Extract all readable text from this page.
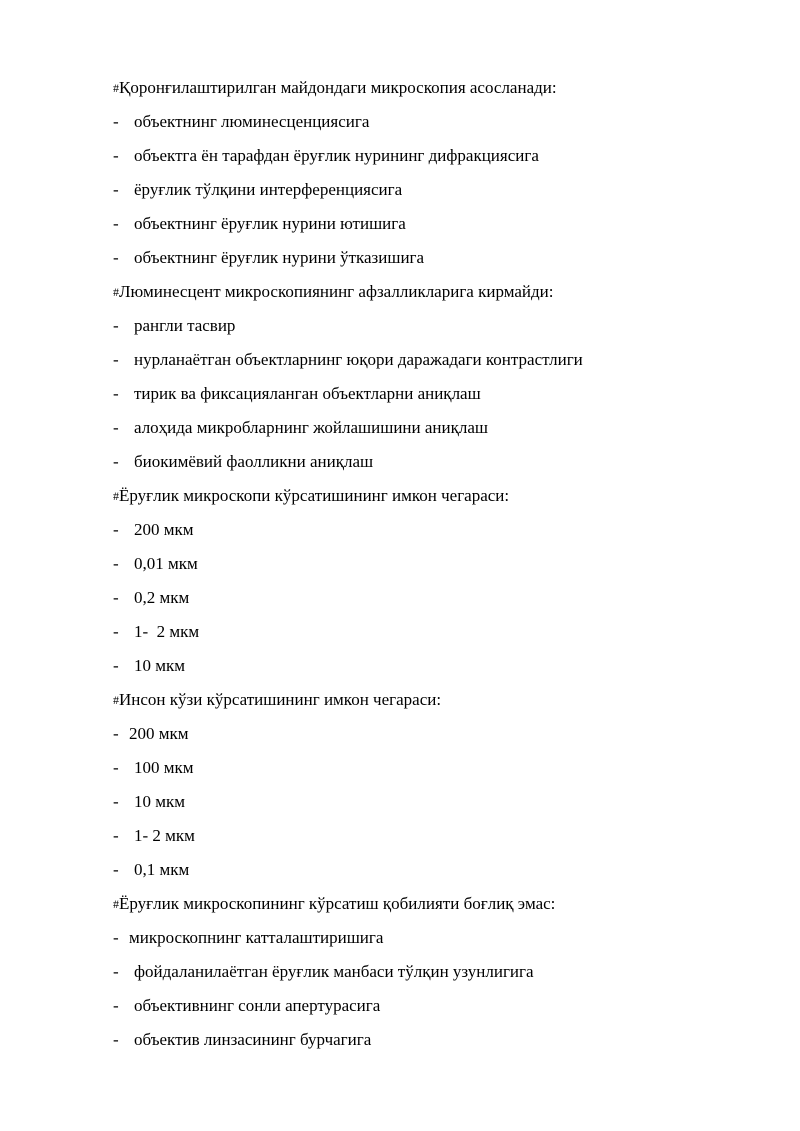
#Қоронғилаштирилган майдондаги микроскопия асосланади:
- объектнинг люминесценциясига
- объектга ён тарафдан ёруғлик нурининг дифракциясига
- ёруғлик тўлқини интерференциясига
- объектнинг ёруғлик нурини ютишига
- объектнинг ёруғлик нурини ўтказишига
#Люминесцент микроскопиянинг афзалликларига кирмайди:
- рангли тасвир
- нурланаётган объектларнинг юқори даражадаги контрастлиги
- тирик ва фиксацияланган объектларни аниқлаш
- алоҳида микробларнинг жойлашишини аниқлаш
- биокимёвий фаолликни аниқлаш
#Ёруғлик микроскопи кўрсатишининг имкон чегараси:
- 200 мкм
- 0,01 мкм
- 0,2 мкм
- 1-  2 мкм
- 10 мкм
#Инсон кўзи кўрсатишининг имкон чегараси:
- 200 мкм
- 100 мкм
- 10 мкм
- 1- 2 мкм
- 0,1 мкм
#Ёруғлик микроскопининг кўрсатиш қобилияти боғлиқ эмас:
- микроскопнинг катталаштиришига
- фойдаланилаётган ёруғлик манбаси тўлқин узунлигига
- объективнинг сонли апертурасига
- объектив линзасининг бурчагига
